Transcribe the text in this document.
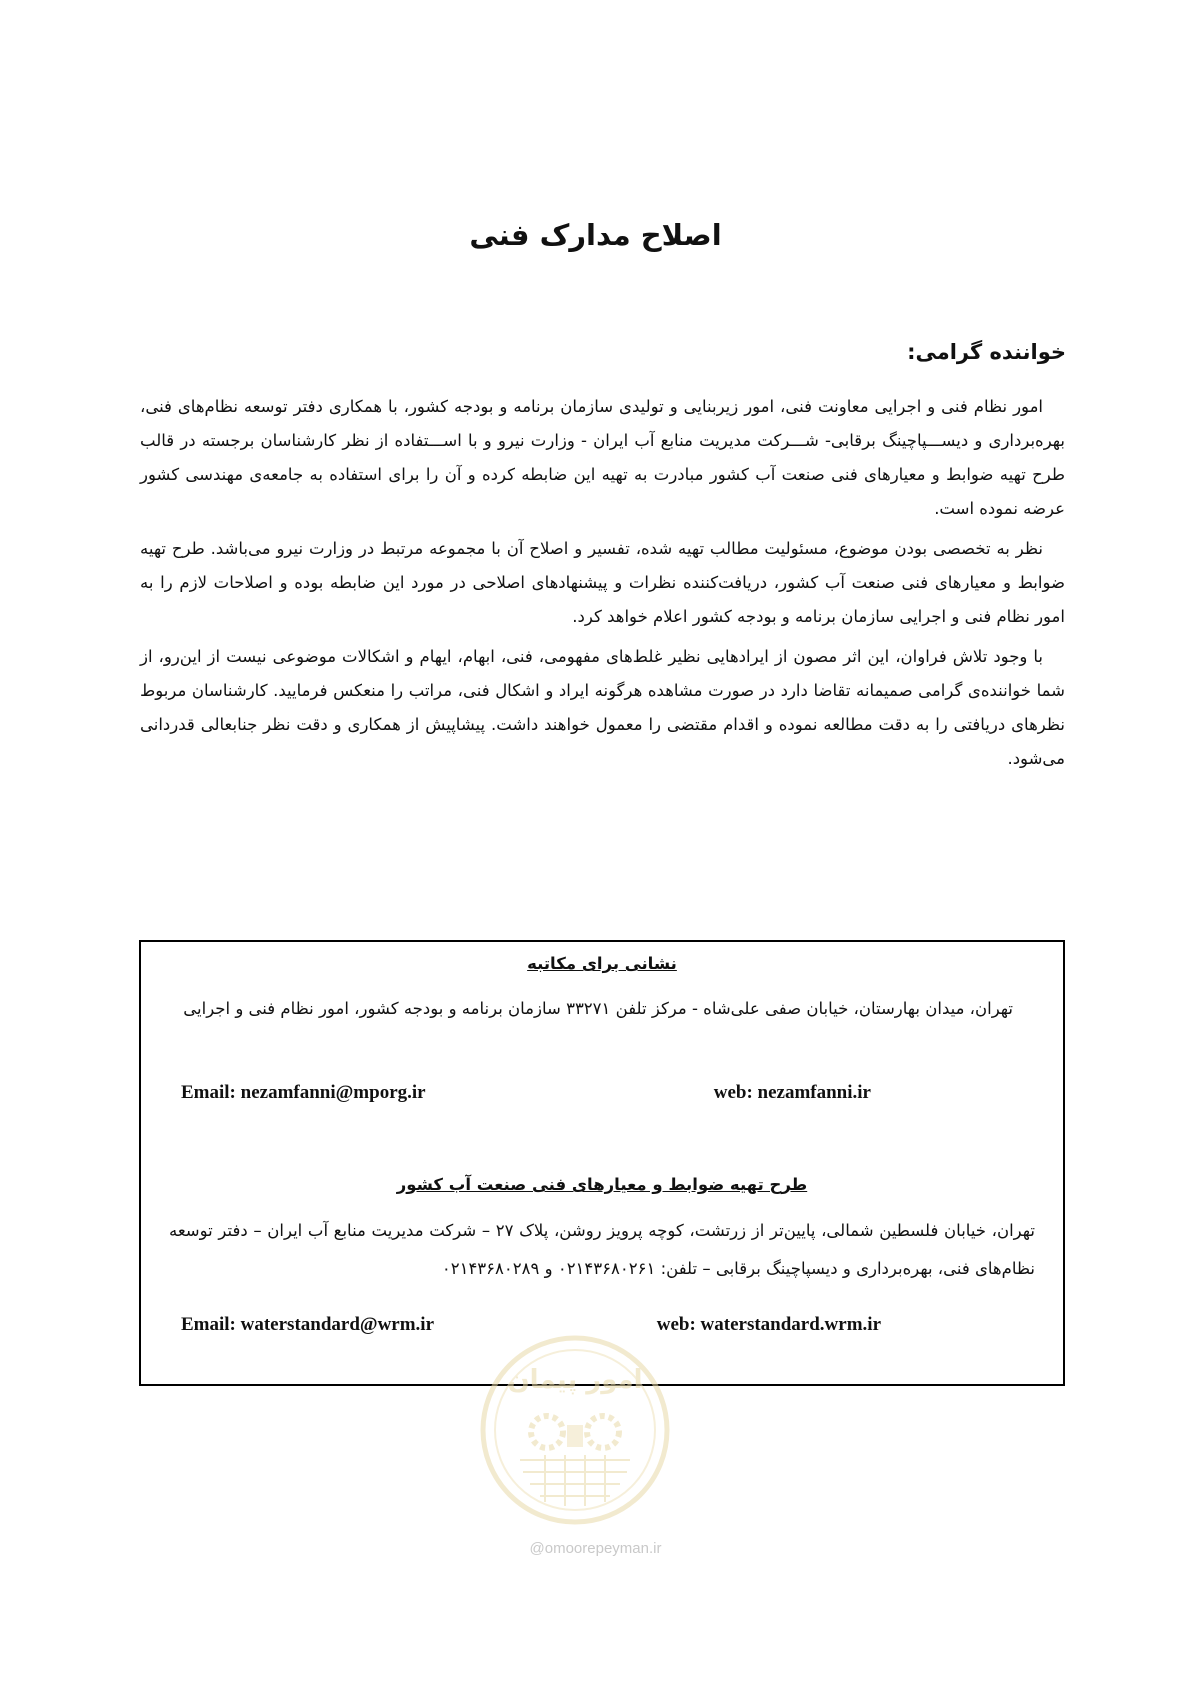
اصلاح مدارک فنی
خواننده گرامی:

امور نظام فنی و اجرایی معاونت فنی، امور زیربنایی و تولیدی سازمان برنامه و بودجه کشور، با همکاری دفتر توسعه نظام‌های فنی، بهره‌برداری و دیســـپاچینگ برقابی- شـــرکت مدیریت منابع آب ایران - وزارت نیرو و با اســـتفاده از نظر کارشناسان برجسته در قالب طرح تهیه ضوابط و معیارهای فنی صنعت آب کشور مبادرت به تهیه این ضابطه کرده و آن را برای استفاده به جامعه‌ی مهندسی کشور عرضه نموده است.

نظر به تخصصی بودن موضوع، مسئولیت مطالب تهیه شده، تفسیر و اصلاح آن با مجموعه مرتبط در وزارت نیرو می‌باشد. طرح تهیه ضوابط و معیارهای فنی صنعت آب کشور، دریافت‌کننده نظرات و پیشنهادهای اصلاحی در مورد این ضابطه بوده و اصلاحات لازم را به امور نظام فنی و اجرایی سازمان برنامه و بودجه کشور اعلام خواهد کرد.

با وجود تلاش فراوان، این اثر مصون از ایرادهایی نظیر غلط‌های مفهومی، فنی، ابهام، ایهام و اشکالات موضوعی نیست از این‌رو، از شما خواننده‌ی گرامی صمیمانه تقاضا دارد در صورت مشاهده هرگونه ایراد و اشکال فنی، مراتب را منعکس فرمایید. کارشناسان مربوط نظرهای دریافتی را به دقت مطالعه نموده و اقدام مقتضی را معمول خواهند داشت. پیشاپیش از همکاری و دقت نظر جنابعالی قدردانی می‌شود.

نشانی برای مکاتبه

تهران، میدان بهارستان، خیابان صفی علی‌شاه - مرکز تلفن ۳۳۲۷۱ سازمان برنامه و بودجه کشور، امور نظام فنی و اجرایی

Email: nezamfanni@mporg.ir	web: nezamfanni.ir

طرح تهیه ضوابط و معیارهای فنی صنعت آب کشور

تهران، خیابان فلسطین شمالی، پایین‌تر از زرتشت، کوچه پرویز روشن، پلاک ۲۷ – شرکت مدیریت منابع آب ایران – دفتر توسعه نظام‌های فنی، بهره‌برداری و دیسپاچینگ برقابی – تلفن: ۰۲۱۴۳۶۸۰۲۶۱ و ۰۲۱۴۳۶۸۰۲۸۹

Email: waterstandard@wrm.ir	web: waterstandard.wrm.ir
امور پیمان
@omoorepeyman.ir
